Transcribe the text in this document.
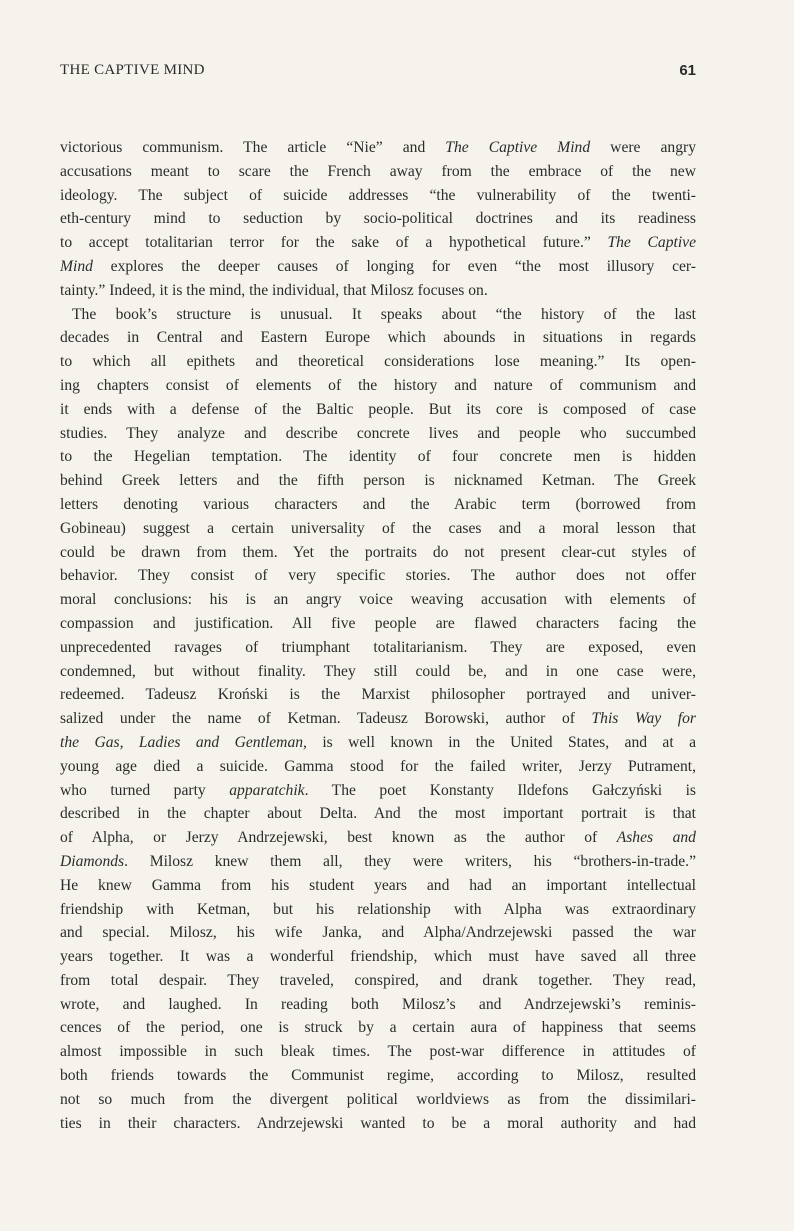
THE CAPTIVE MIND	61
victorious communism. The article “Nie” and The Captive Mind were angry
accusations meant to scare the French away from the embrace of the new
ideology. The subject of suicide addresses “the vulnerability of the twenti-
eth-century mind to seduction by socio-political doctrines and its readiness
to accept totalitarian terror for the sake of a hypothetical future.” The Captive
Mind explores the deeper causes of longing for even “the most illusory cer-
tainty.” Indeed, it is the mind, the individual, that Milosz focuses on.
The book’s structure is unusual. It speaks about “the history of the last
decades in Central and Eastern Europe which abounds in situations in regards
to which all epithets and theoretical considerations lose meaning.” Its open-
ing chapters consist of elements of the history and nature of communism and
it ends with a defense of the Baltic people. But its core is composed of case
studies. They analyze and describe concrete lives and people who succumbed
to the Hegelian temptation. The identity of four concrete men is hidden
behind Greek letters and the fifth person is nicknamed Ketman. The Greek
letters denoting various characters and the Arabic term (borrowed from
Gobineau) suggest a certain universality of the cases and a moral lesson that
could be drawn from them. Yet the portraits do not present clear-cut styles of
behavior. They consist of very specific stories. The author does not offer
moral conclusions: his is an angry voice weaving accusation with elements of
compassion and justification. All five people are flawed characters facing the
unprecedented ravages of triumphant totalitarianism. They are exposed, even
condemned, but without finality. They still could be, and in one case were,
redeemed. Tadeusz Kroński is the Marxist philosopher portrayed and univer-
salized under the name of Ketman. Tadeusz Borowski, author of This Way for
the Gas, Ladies and Gentleman, is well known in the United States, and at a
young age died a suicide. Gamma stood for the failed writer, Jerzy Putrament,
who turned party apparatchik. The poet Konstanty Ildefons Gałczyński is
described in the chapter about Delta. And the most important portrait is that
of Alpha, or Jerzy Andrzejewski, best known as the author of Ashes and
Diamonds. Milosz knew them all, they were writers, his “brothers-in-trade.”
He knew Gamma from his student years and had an important intellectual
friendship with Ketman, but his relationship with Alpha was extraordinary
and special. Milosz, his wife Janka, and Alpha/Andrzejewski passed the war
years together. It was a wonderful friendship, which must have saved all three
from total despair. They traveled, conspired, and drank together. They read,
wrote, and laughed. In reading both Milosz’s and Andrzejewski’s reminis-
cences of the period, one is struck by a certain aura of happiness that seems
almost impossible in such bleak times. The post-war difference in attitudes of
both friends towards the Communist regime, according to Milosz, resulted
not so much from the divergent political worldviews as from the dissimilari-
ties in their characters. Andrzejewski wanted to be a moral authority and had
